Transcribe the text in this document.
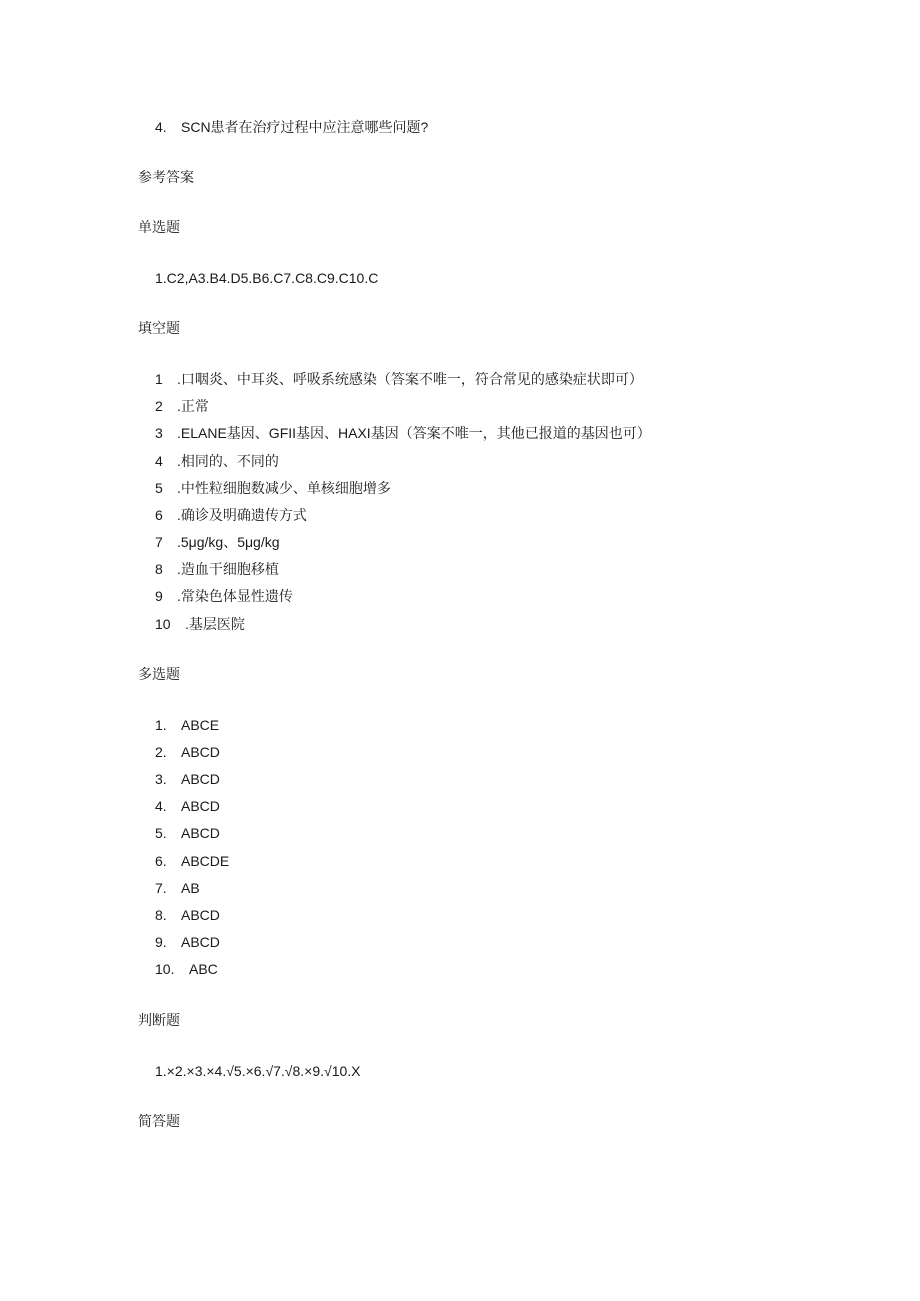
4. SCN患者在治疗过程中应注意哪些问题?
参考答案
单选题
1.C2,A3.B4.D5.B6.C7.C8.C9.C10.C
填空题
1 .口咽炎、中耳炎、呼吸系统感染（答案不唯一，符合常见的感染症状即可）
2 .正常
3 .ELANE基因、GFII基因、HAXI基因（答案不唯一，其他已报道的基因也可）
4 .相同的、不同的
5 .中性粒细胞数减少、单核细胞增多
6 .确诊及明确遗传方式
7 .5μg/kg、5μg/kg
8 .造血干细胞移植
9 .常染色体显性遗传
10 .基层医院
多选题
1. ABCE
2. ABCD
3. ABCD
4. ABCD
5. ABCD
6. ABCDE
7. AB
8. ABCD
9. ABCD
10. ABC
判断题
1.×2.×3.×4.√5.×6.√7.√8.×9.√10.X
简答题
